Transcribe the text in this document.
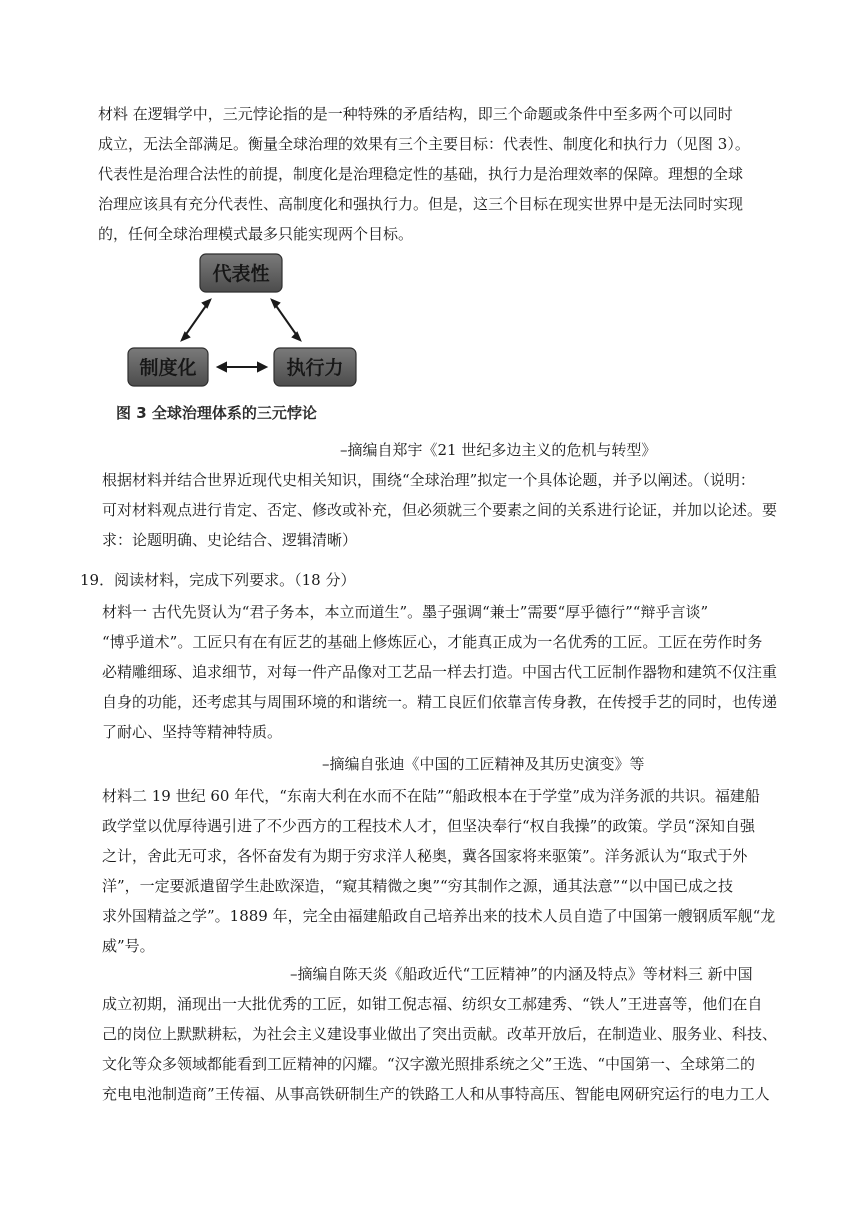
材料 在逻辑学中，三元悖论指的是一种特殊的矛盾结构，即三个命题或条件中至多两个可以同时
成立，无法全部满足。衡量全球治理的效果有三个主要目标：代表性、制度化和执行力（见图 3）。
代表性是治理合法性的前提，制度化是治理稳定性的基础，执行力是治理效率的保障。理想的全球
治理应该具有充分代表性、高制度化和强执行力。但是，这三个目标在现实世界中是无法同时实现
的，任何全球治理模式最多只能实现两个目标。
代表性
制度化	执行力
图 3 全球治理体系的三元悖论
–摘编自郑宇《21 世纪多边主义的危机与转型》
根据材料并结合世界近现代史相关知识，围绕“全球治理”拟定一个具体论题，并予以阐述。（说明：
可对材料观点进行肯定、否定、修改或补充，但必须就三个要素之间的关系进行论证，并加以论述。要
求：论题明确、史论结合、逻辑清晰）
19．阅读材料，完成下列要求。（18 分）
材料一 古代先贤认为“君子务本，本立而道生”。墨子强调“兼士”需要“厚乎德行”“辩乎言谈”
“博乎道术”。工匠只有在有匠艺的基础上修炼匠心，才能真正成为一名优秀的工匠。工匠在劳作时务
必精雕细琢、追求细节，对每一件产品像对工艺品一样去打造。中国古代工匠制作器物和建筑不仅注重
自身的功能，还考虑其与周围环境的和谐统一。精工良匠们依靠言传身教，在传授手艺的同时，也传递
了耐心、坚持等精神特质。
–摘编自张迪《中国的工匠精神及其历史演变》等
材料二 19 世纪 60 年代，“东南大利在水而不在陆”“船政根本在于学堂”成为洋务派的共识。福建船
政学堂以优厚待遇引进了不少西方的工程技术人才，但坚决奉行“权自我操”的政策。学员“深知自强
之计，舍此无可求，各怀奋发有为期于穷求洋人秘奥，冀各国家将来驱策”。洋务派认为“取式于外
洋”，一定要派遣留学生赴欧深造，“窥其精微之奥”“穷其制作之源，通其法意”“以中国已成之技
求外国精益之学”。1889 年，完全由福建船政自己培养出来的技术人员自造了中国第一艘钢质军舰“龙
威”号。
–摘编自陈天炎《船政近代“工匠精神”的内涵及特点》等材料三 新中国
成立初期，涌现出一大批优秀的工匠，如钳工倪志福、纺织女工郝建秀、“铁人”王进喜等，他们在自
己的岗位上默默耕耘，为社会主义建设事业做出了突出贡献。改革开放后，在制造业、服务业、科技、
文化等众多领域都能看到工匠精神的闪耀。“汉字激光照排系统之父”王选、“中国第一、全球第二的
充电电池制造商”王传福、从事高铁研制生产的铁路工人和从事特高压、智能电网研究运行的电力工人
